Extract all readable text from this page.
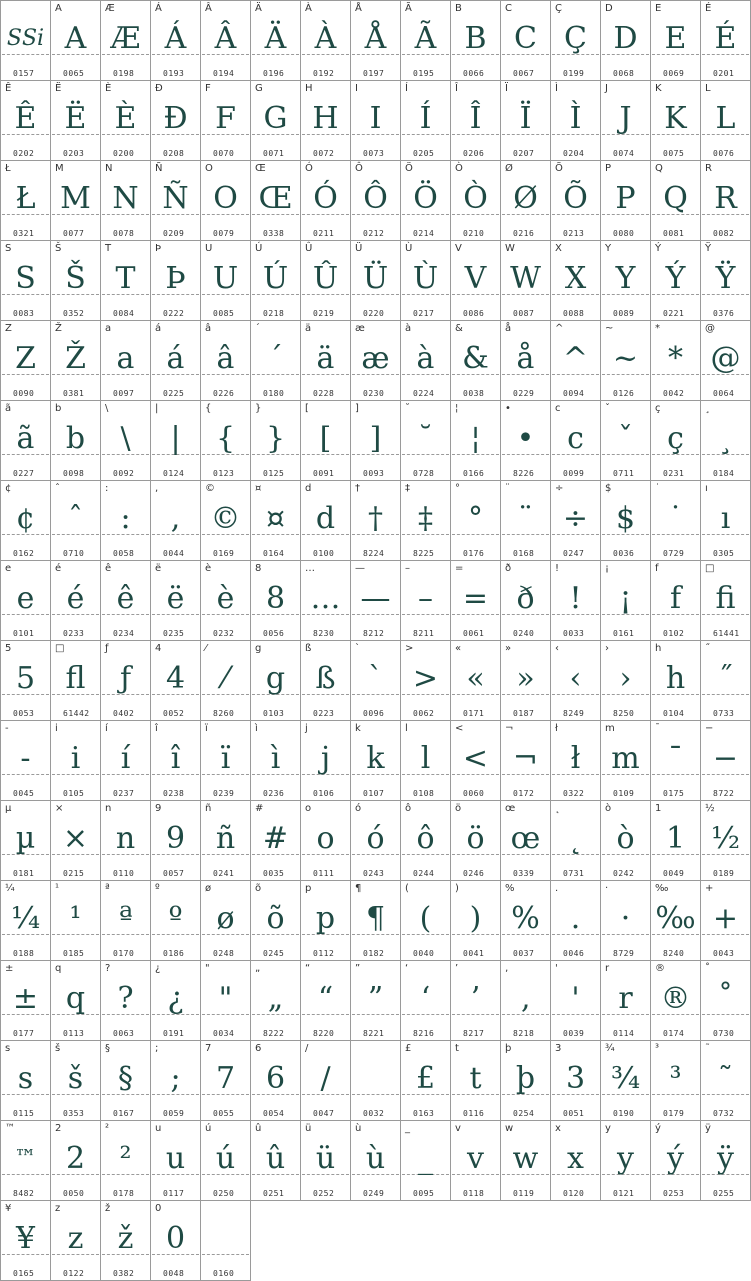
ЅЅі
0157
A
A
0065
Æ
Æ
0198
Á
Á
0193
Â
Â
0194
Ä
Ä
0196
À
À
0192
Å
Å
0197
Ã
Ã
0195
B
B
0066
C
C
0067
Ç
Ç
0199
D
D
0068
E
E
0069
É
É
0201
Ê
Ê
0202
Ë
Ë
0203
È
È
0200
Đ
Đ
0208
F
F
0070
G
G
0071
H
H
0072
I
I
0073
Í
Í
0205
Î
Î
0206
Ï
Ï
0207
Ì
Ì
0204
J
J
0074
K
K
0075
L
L
0076
Ł
Ł
0321
M
M
0077
N
N
0078
Ñ
Ñ
0209
O
O
0079
Œ
Œ
0338
Ó
Ó
0211
Ô
Ô
0212
Ö
Ö
0214
Ò
Ò
0210
Ø
Ø
0216
Õ
Õ
0213
P
P
0080
Q
Q
0081
R
R
0082
S
S
0083
Š
Š
0352
T
T
0084
Þ
Þ
0222
U
U
0085
Ú
Ú
0218
Û
Û
0219
Ü
Ü
0220
Ù
Ù
0217
V
V
0086
W
W
0087
X
X
0088
Y
Y
0089
Ý
Ý
0221
Ÿ
Ÿ
0376
Z
Z
0090
Ž
Ž
0381
a
a
0097
á
á
0225
â
â
0226
´
´
0180
ä
ä
0228
æ
æ
0230
à
à
0224
&
&
0038
å
å
0229
^
^
0094
~
~
0126
*
*
0042
@
@
0064
ã
ã
0227
b
b
0098
\
\
0092
|
|
0124
{
{
0123
}
}
0125
[
[
0091
]
]
0093
˘
˘
0728
¦
¦
0166
•
•
8226
c
c
0099
ˇ
ˇ
0711
ç
ç
0231
¸
¸
0184
¢
¢
0162
ˆ
ˆ
0710
:
:
0058
,
,
0044
©
©
0169
¤
¤
0164
d
d
0100
†
†
8224
‡
‡
8225
°
°
0176
¨
¨
0168
÷
÷
0247
$
$
0036
˙
˙
0729
ı
ı
0305
e
e
0101
é
é
0233
ê
ê
0234
ë
ë
0235
è
è
0232
8
8
0056
…
…
8230
—
—
8212
–
–
8211
=
=
0061
ð
ð
0240
!
!
0033
¡
¡
0161
f
f
0102
□
ﬁ
61441
5
5
0053
□
ﬂ
61442
ƒ
ƒ
0402
4
4
0052
⁄
⁄
8260
g
g
0103
ß
ß
0223
`
`
0096
>
>
0062
«
«
0171
»
»
0187
‹
‹
8249
›
›
8250
h
h
0104
˝
˝
0733
-
-
0045
i
i
0105
í
í
0237
î
î
0238
ï
ï
0239
ì
ì
0236
j
j
0106
k
k
0107
l
l
0108
<
<
0060
¬
¬
0172
ł
ł
0322
m
m
0109
¯
¯
0175
−
−
8722
µ
µ
0181
×
×
0215
n
n
0110
9
9
0057
ñ
ñ
0241
#
#
0035
o
o
0111
ó
ó
0243
ô
ô
0244
ö
ö
0246
œ
œ
0339
˛
˛
0731
ò
ò
0242
1
1
0049
½
½
0189
¼
¼
0188
¹
¹
0185
ª
ª
0170
º
º
0186
ø
ø
0248
õ
õ
0245
p
p
0112
¶
¶
0182
(
(
0040
)
)
0041
%
%
0037
.
.
0046
·
·
8729
‰
‰
8240
+
+
0043
±
±
0177
q
q
0113
?
?
0063
¿
¿
0191
"
"
0034
„
„
8222
“
“
8220
”
”
8221
‘
‘
8216
’
’
8217
‚
‚
8218
'
'
0039
r
r
0114
®
®
0174
˚
˚
0730
s
s
0115
š
š
0353
§
§
0167
;
;
0059
7
7
0055
6
6
0054
/
/
0047	0032
£
£
0163
t
t
0116
þ
þ
0254
3
3
0051
¾
¾
0190
³
³
0179
˜
˜
0732
™
™
8482
2
2
0050
²
²
0178
u
u
0117
ú
ú
0250
û
û
0251
ü
ü
0252
ù
ù
0249
_
_
0095
v
v
0118
w
w
0119
x
x
0120
y
y
0121
ý
ý
0253
ÿ
ÿ
0255
¥
¥
0165
z
z
0122
ž
ž
0382
0
0
0048	0160
